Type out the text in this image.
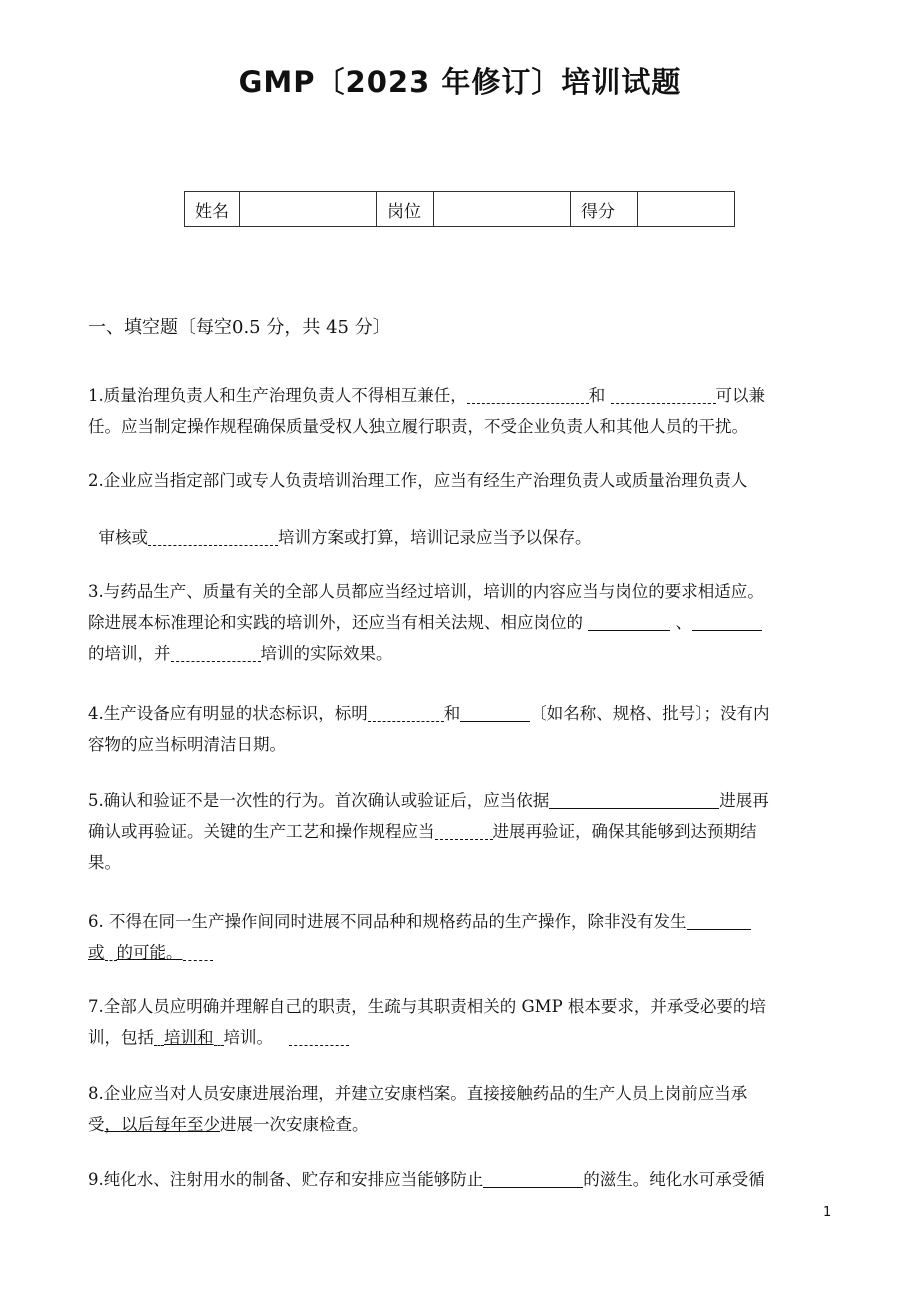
GMP〔2023 年修订〕培训试题
姓名		岗位		得分	
一、填空题〔每空0.5 分，共 45 分〕
1.质量治理负责人和生产治理负责人不得相互兼任，	和	可以兼
任。应当制定操作规程确保质量受权人独立履行职责，不受企业负责人和其他人员的干扰。
2.企业应当指定部门或专人负责培训治理工作，应当有经生产治理负责人或质量治理负责人
审核或	培训方案或打算，培训记录应当予以保存。
3.与药品生产、质量有关的全部人员都应当经过培训，培训的内容应当与岗位的要求相适应。
除进展本标准理论和实践的培训外，还应当有相关法规、相应岗位的	、
的培训，并	培训的实际效果。
4.生产设备应有明显的状态标识，标明	和	〔如名称、规格、批号〕；没有内
容物的应当标明清洁日期。
5.确认和验证不是一次性的行为。首次确认或验证后，应当依据	进展再
确认或再验证。关键的生产工艺和操作规程应当	进展再验证，确保其能够到达预期结
果。
6. 不得在同一生产操作间同时进展不同品种和规格药品的生产操作，除非没有发生
或 的可能。
7.全部人员应明确并理解自己的职责，生疏与其职责相关的 GMP 根本要求，并承受必要的培
训，包括 培训和 培训。
8.企业应当对人员安康进展治理，并建立安康档案。直接接触药品的生产人员上岗前应当承
受，以后每年至少进展一次安康检查。
9.纯化水、注射用水的制备、贮存和安排应当能够防止	的滋生。纯化水可承受循
1
